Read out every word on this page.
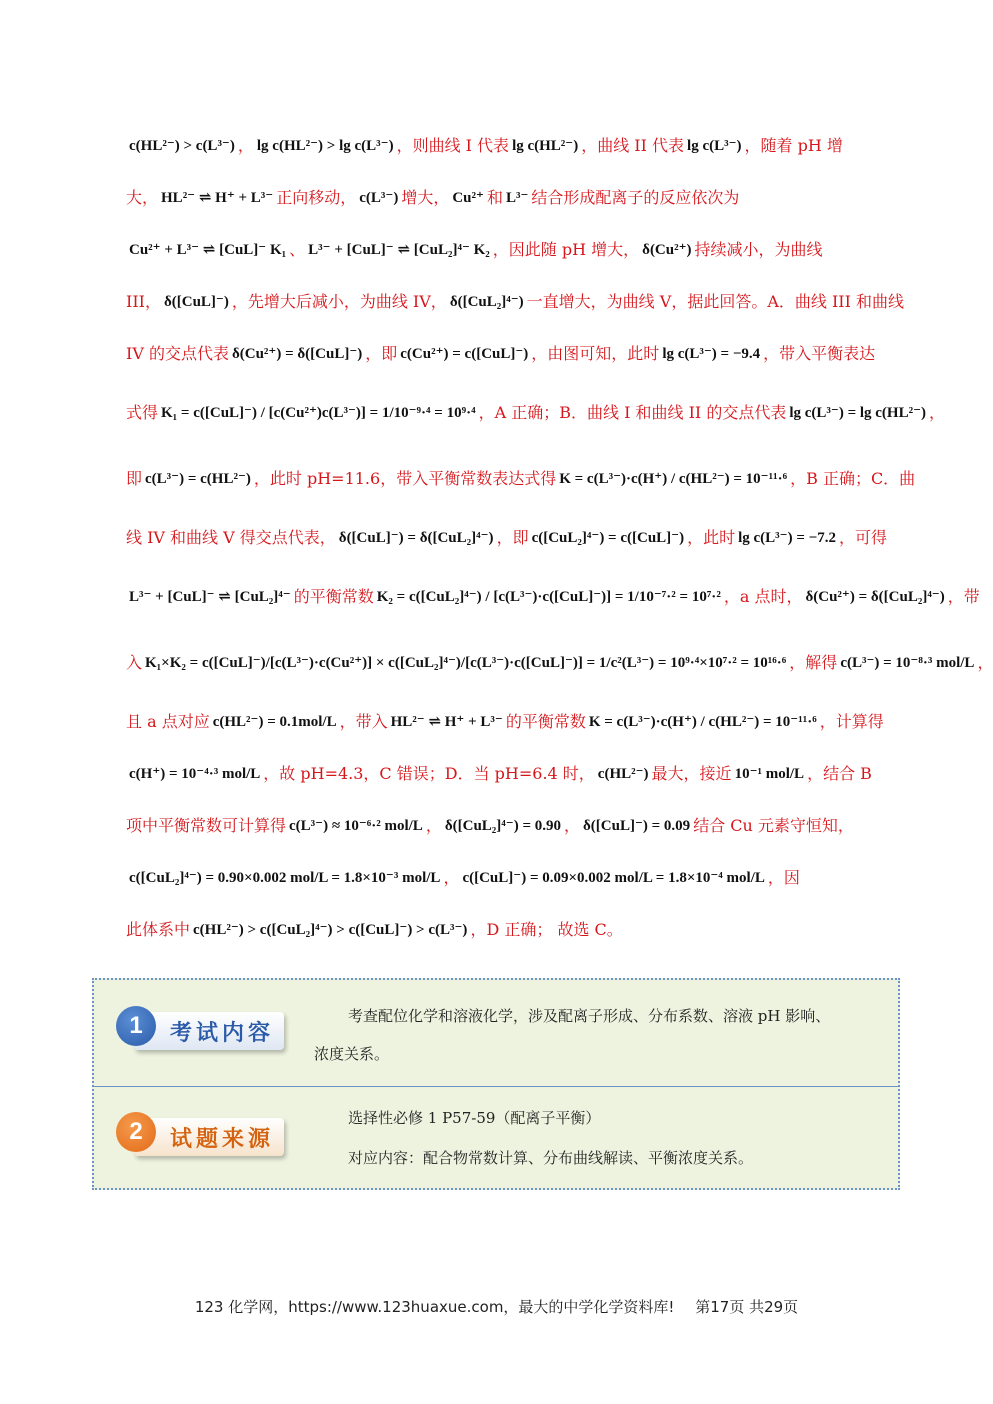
c(HL²⁻) > c(L³⁻) ， lg c(HL²⁻) > lg c(L³⁻) ，则曲线 I 代表 lg c(HL²⁻) ，曲线 II 代表 lg c(L³⁻) ，随着 pH 增
大， HL²⁻ ⇌ H⁺ + L³⁻ 正向移动， c(L³⁻) 增大， Cu²⁺ 和 L³⁻ 结合形成配离子的反应依次为
Cu²⁺ + L³⁻ ⇌ [CuL]⁻ K₁ 、 L³⁻ + [CuL]⁻ ⇌ [CuL₂]⁴⁻ K₂ ，因此随 pH 增大， δ(Cu²⁺) 持续减小，为曲线
III， δ([CuL]⁻) ，先增大后减小，为曲线 IV， δ([CuL₂]⁴⁻) 一直增大，为曲线 V，据此回答。A．曲线 III 和曲线
IV 的交点代表 δ(Cu²⁺) = δ([CuL]⁻) ，即 c(Cu²⁺) = c([CuL]⁻) ，由图可知，此时 lg c(L³⁻) = −9.4 ，带入平衡表达
式得 K₁ = c([CuL]⁻) / [c(Cu²⁺)c(L³⁻)] = 1/10⁻⁹·⁴ = 10⁹·⁴ ，A 正确；B．曲线 I 和曲线 II 的交点代表 lg c(L³⁻) = lg c(HL²⁻) ，
即 c(L³⁻) = c(HL²⁻) ，此时 pH=11.6，带入平衡常数表达式得 K = c(L³⁻)·c(H⁺) / c(HL²⁻) = 10⁻¹¹·⁶ ，B 正确；C．曲
线 IV 和曲线 V 得交点代表， δ([CuL]⁻) = δ([CuL₂]⁴⁻) ，即 c([CuL₂]⁴⁻) = c([CuL]⁻) ，此时 lg c(L³⁻) = −7.2 ，可得
L³⁻ + [CuL]⁻ ⇌ [CuL₂]⁴⁻ 的平衡常数 K₂ = c([CuL₂]⁴⁻) / [c(L³⁻)·c([CuL]⁻)] = 1/10⁻⁷·² = 10⁷·² ，a 点时， δ(Cu²⁺) = δ([CuL₂]⁴⁻) ，带
入 K₁×K₂ = c([CuL]⁻)/[c(L³⁻)·c(Cu²⁺)] × c([CuL₂]⁴⁻)/[c(L³⁻)·c([CuL]⁻)] = 1/c²(L³⁻) = 10⁹·⁴×10⁷·² = 10¹⁶·⁶ ，解得 c(L³⁻) = 10⁻⁸·³ mol/L ，
且 a 点对应 c(HL²⁻) = 0.1mol/L ，带入 HL²⁻ ⇌ H⁺ + L³⁻ 的平衡常数 K = c(L³⁻)·c(H⁺) / c(HL²⁻) = 10⁻¹¹·⁶ ，计算得
c(H⁺) = 10⁻⁴·³ mol/L ，故 pH=4.3，C 错误；D．当 pH=6.4 时， c(HL²⁻) 最大，接近 10⁻¹ mol/L ，结合 B
项中平衡常数可计算得 c(L³⁻) ≈ 10⁻⁶·² mol/L ， δ([CuL₂]⁴⁻) = 0.90 ， δ([CuL]⁻) = 0.09 结合 Cu 元素守恒知，
c([CuL₂]⁴⁻) = 0.90×0.002 mol/L = 1.8×10⁻³ mol/L ， c([CuL]⁻) = 0.09×0.002 mol/L = 1.8×10⁻⁴ mol/L ，因
此体系中 c(HL²⁻) > c([CuL₂]⁴⁻) > c([CuL]⁻) > c(L³⁻) ，D 正确； 故选 C。
考试内容
1	考查配位化学和溶液化学，涉及配离子形成、分布系数、溶液 pH 影响、
浓度关系。
试题来源
2	选择性必修 1 P57-59（配离子平衡）
对应内容：配合物常数计算、分布曲线解读、平衡浓度关系。
123 化学网，https://www.123huaxue.com，最大的中学化学资料库! 第17页 共29页
